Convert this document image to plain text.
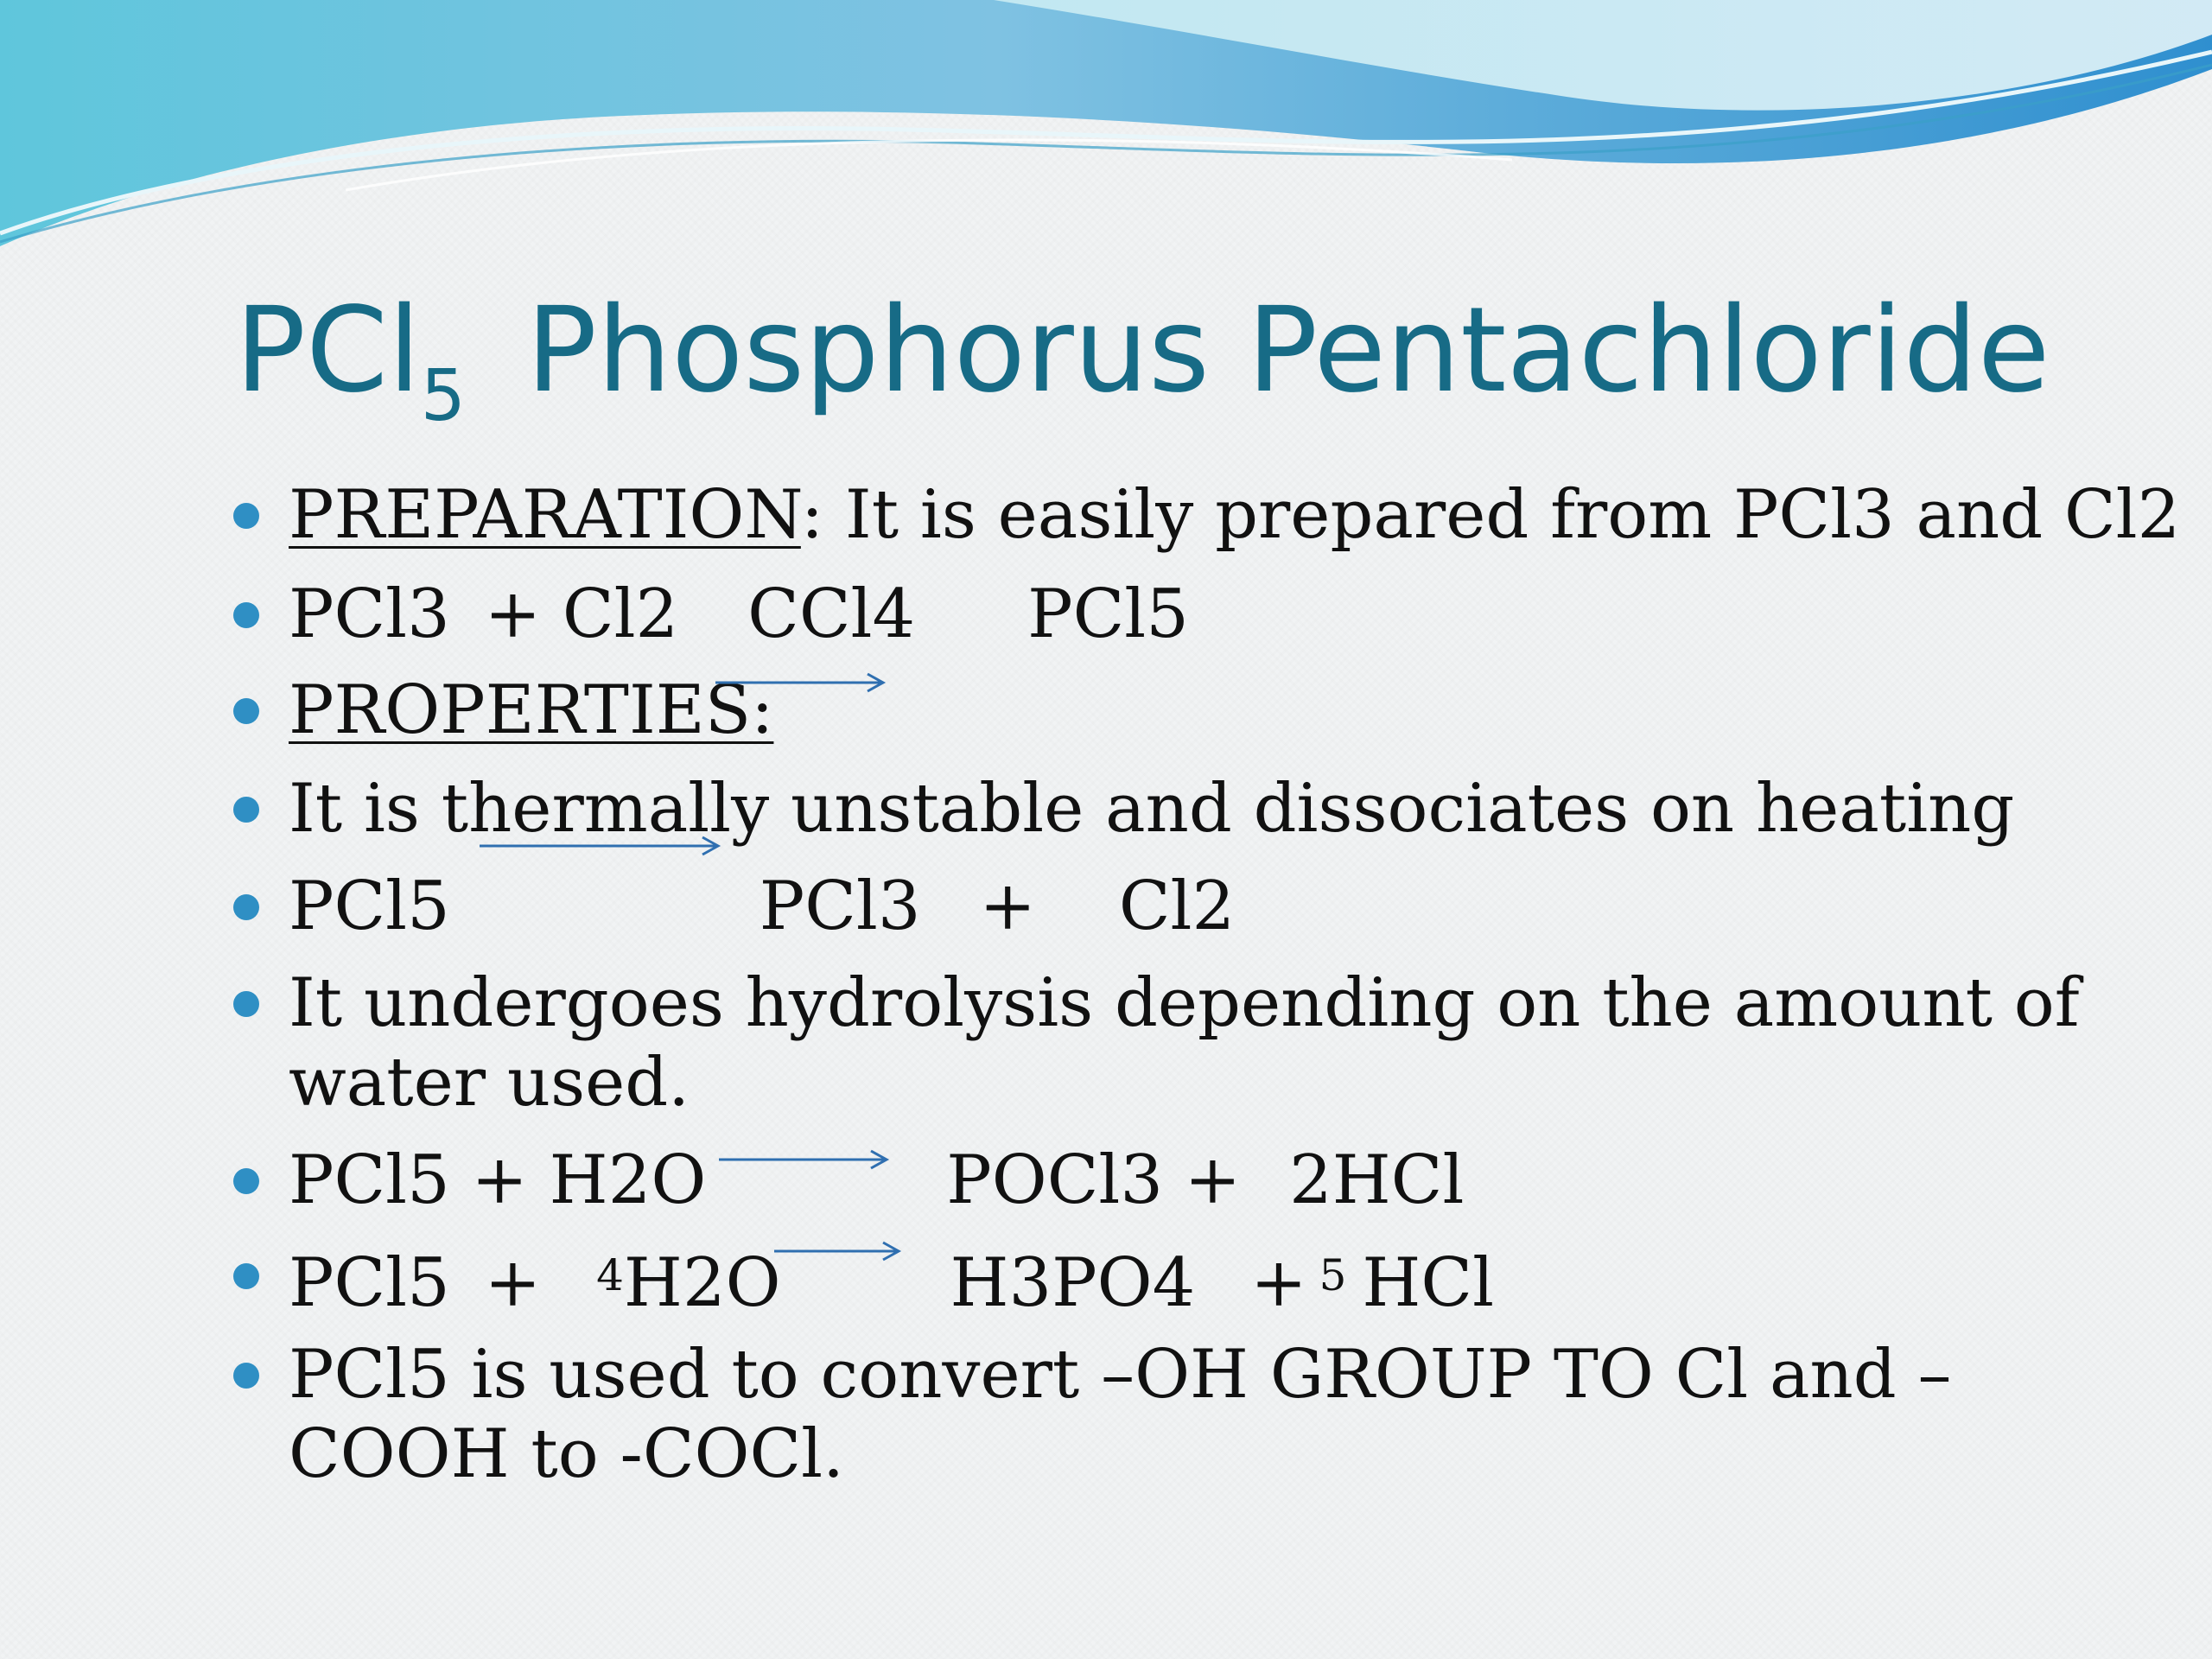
PCl$_5$ Phosphorus Pentachloride

PREPARATION: It is easily prepared from PCl3 and Cl2

PCl3 + Cl2 CCl4 PCl5

PROPERTIES:

It is thermally unstable and dissociates on heating

PCl5	PCl3 + Cl2

It undergoes hydrolysis depending on the amount of

water used.

PCl5 + H2O	POCl3 + 2HCl

PCl5 + $^4$H2O	H3PO4 + $^5$ HCl

PCl5 is used to convert –OH GROUP TO Cl and –

COOH to -COCl.
